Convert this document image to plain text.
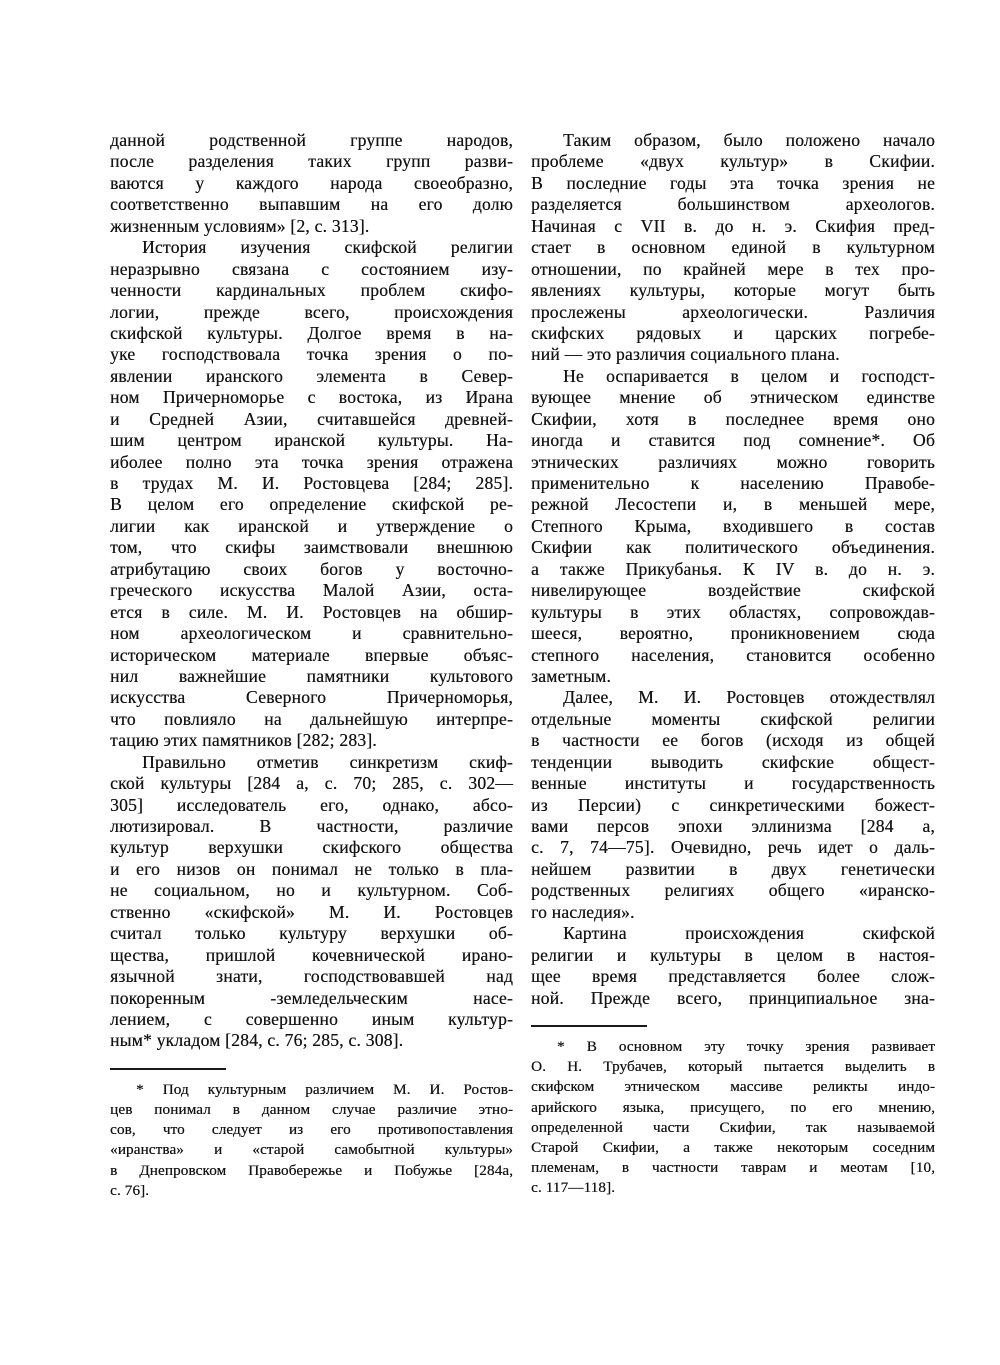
данной родственной группе народов,
после разделения таких групп разви-
ваются у каждого народа своеобразно,
соответственно выпавшим на его долю
жизненным условиям» [2, с. 313].
История изучения скифской религии
неразрывно связана с состоянием изу-
ченности кардинальных проблем скифо-
логии, прежде всего, происхождения
скифской культуры. Долгое время в на-
уке господствовала точка зрения о по-
явлении иранского элемента в Север-
ном Причерноморье с востока, из Ирана
и Средней Азии, считавшейся древней-
шим центром иранской культуры. На-
иболее полно эта точка зрения отражена
в трудах М. И. Ростовцева [284; 285].
В целом его определение скифской ре-
лигии как иранской и утверждение о
том, что скифы заимствовали внешнюю
атрибутацию своих богов у восточно-
греческого искусства Малой Азии, оста-
ется в силе. М. И. Ростовцев на обшир-
ном археологическом и сравнительно-
историческом материале впервые объяс-
нил важнейшие памятники культового
искусства Северного Причерноморья,
что повлияло на дальнейшую интерпре-
тацию этих памятников [282; 283].
Правильно отметив синкретизм скиф-
ской культуры [284 а, с. 70; 285, с. 302—
305] исследователь его, однако, абсо-
лютизировал. В частности, различие
культур верхушки скифского общества
и его низов он понимал не только в пла-
не социальном, но и культурном. Соб-
ственно «скифской» М. И. Ростовцев
считал только культуру верхушки об-
щества, пришлой кочевнической ирано-
язычной знати, господствовавшей над
покоренным -земледельческим насе-
лением, с совершенно иным культур-
ным* укладом [284, с. 76; 285, с. 308].
* Под культурным различием М. И. Ростов-
цев понимал в данном случае различие этно-
сов, что следует из его противопоставления
«иранства» и «старой самобытной культуры»
в Днепровском Правобережье и Побужье [284а,
с. 76].
Таким образом, было положено начало
проблеме «двух культур» в Скифии.
В последние годы эта точка зрения не
разделяется большинством археологов.
Начиная с VII в. до н. э. Скифия пред-
стает в основном единой в культурном
отношении, по крайней мере в тех про-
явлениях культуры, которые могут быть
прослежены археологически. Различия
скифских рядовых и царских погребе-
ний — это различия социального плана.
Не оспаривается в целом и господст-
вующее мнение об этническом единстве
Скифии, хотя в последнее время оно
иногда и ставится под сомнение*. Об
этнических различиях можно говорить
применительно к населению Правобе-
режной Лесостепи и, в меньшей мере,
Степного Крыма, входившего в состав
Скифии как политического объединения.
а также Прикубанья. К IV в. до н. э.
нивелирующее воздействие скифской
культуры в этих областях, сопровождав-
шееся, вероятно, проникновением сюда
степного населения, становится особенно
заметным.
Далее, М. И. Ростовцев отождествлял
отдельные моменты скифской религии
в частности ее богов (исходя из общей
тенденции выводить скифские общест-
венные институты и государственность
из Персии) с синкретическими божест-
вами персов эпохи эллинизма [284 а,
с. 7, 74—75]. Очевидно, речь идет о даль-
нейшем развитии в двух генетически
родственных религиях общего «иранско-
го наследия».
Картина происхождения скифской
религии и культуры в целом в настоя-
щее время представляется более слож-
ной. Прежде всего, принципиальное зна-
* В основном эту точку зрения развивает
О. Н. Трубачев, который пытается выделить в
скифском этническом массиве реликты индо-
арийского языка, присущего, по его мнению,
определенной части Скифии, так называемой
Старой Скифии, а также некоторым соседним
племенам, в частности таврам и меотам [10,
с. 117—118].
